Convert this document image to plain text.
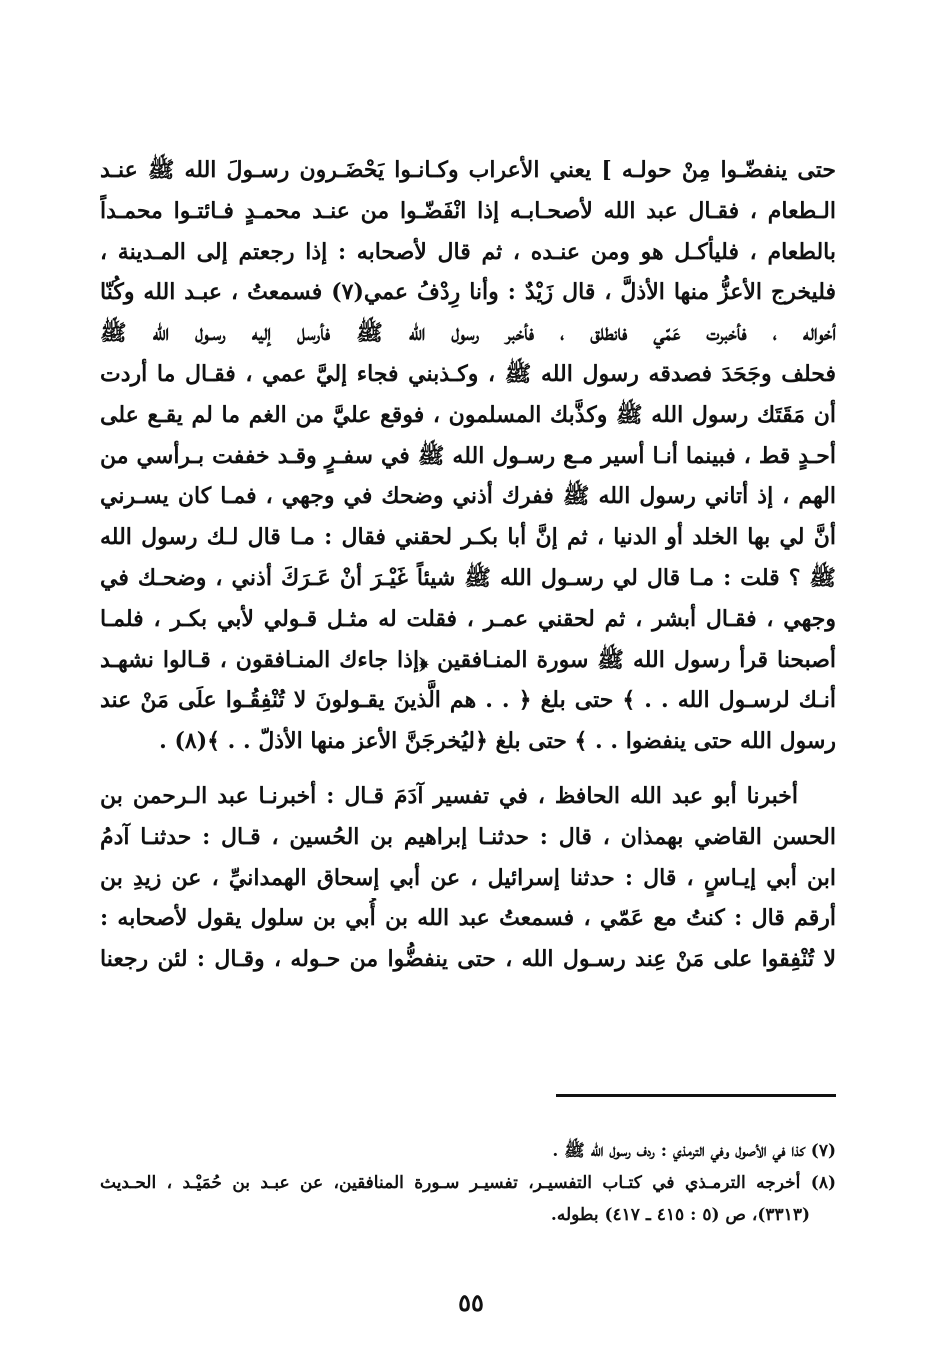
حتى ينفضّـوا مِنْ حولـه ] يعني الأعراب وكـانـوا يَحْضَـرون رسـولَ الله ﷺ عنـد
الـطعام ، فقـال عبد الله لأصحـابـه إذا انْفَضّـوا من عنـد محمـدٍ فـائتـوا محمـداً
بالطعام ، فليأكـل هو ومن عنـده ، ثم قال لأصحابه : إذا رجعتم إلى المـدينة ،
فليخرج الأعزُّ منها الأذلَّ ، قال زَيْدٌ : وأنا رِدْفُ عمي(٧) فسمعتُ ، عبـد الله وكُنّا
أخواله ، فأخبرت عَمّي فانطلق ، فأخبر رسول الله ﷺ فأرسل إليه رسـول الله ﷺ
فحلف وجَحَدَ فصدقه رسول الله ﷺ ، وكـذبني فجاء إليَّ عمي ، فقـال ما أردت
أن مَقَتَك رسول الله ﷺ وكذَّبك المسلمون ، فوقع عليَّ من الغم ما لم يقـع على
أحـدٍ قط ، فبينما أنـا أسير مـع رسـول الله ﷺ في سفـرٍ وقـد خففت بـرأسي من
الهم ، إذ أتاني رسول الله ﷺ ففرك أذني وضحك في وجهي ، فمـا كان يسـرني
أنَّ لي بها الخلد أو الدنيا ، ثم إنَّ أبا بكـر لحقني فقال : مـا قال لـك رسول الله
ﷺ ؟ قلت : مـا قال لي رسـول الله ﷺ شيئاً غَيْـرَ أنْ عَـرَكَ أذني ، وضحـك في
وجهي ، فقـال أبشر ، ثم لحقني عمـر ، فقلت له مثـل قـولي لأبي بكـر ، فلمـا
أصبحنا قرأ رسول الله ﷺ سورة المنـافقين ﴿إذا جاءك المنـافقون ، قـالوا نشهـد
أنـك لرسـول الله . . ﴾ حتى بلغ ﴿ . . هم الَّذينَ يقـولونَ لا تُنْفِقُـوا علَى مَنْ عند
رسول الله حتى ينفضوا . . ﴾ حتى بلغ ﴿ليُخرجَنَّ الأعز منها الأذلّ . . ﴾(٨) .
أخبرنا أبو عبد الله الحافظ ، في تفسير آدَمَ قـال : أخبرنـا عبد الـرحمن بن
الحسن القاضي بهمذان ، قال : حدثنـا إبراهيم بن الحُسين ، قـال : حدثنـا آدمُ
ابن أبي إيـاسٍ ، قال : حدثنا إسرائيل ، عن أبي إسحاق الهمدانيِّ ، عن زيدِ بن
أرقم قال : كنتُ مع عَمّي ، فسمعتُ عبد الله بن أُبي بن سلول يقول لأصحابه :
لا تُنْفِقوا على مَنْ عِند رسـول الله ، حتى ينفضُّوا من حـوله ، وقـال : لئن رجعنا
(٧) كذا في الأصول وفي الترمذي : ردف رسول الله ﷺ .
(٨) أخرجه الترمـذي في كتـاب التفسيـر، تفسيـر سـورة المنافقين، عن عبـد بن حُمَيْـد ، الحـديث
(٣٣١٣)، ص (٥ : ٤١٥ ـ ٤١٧) بطوله.
٥٥
